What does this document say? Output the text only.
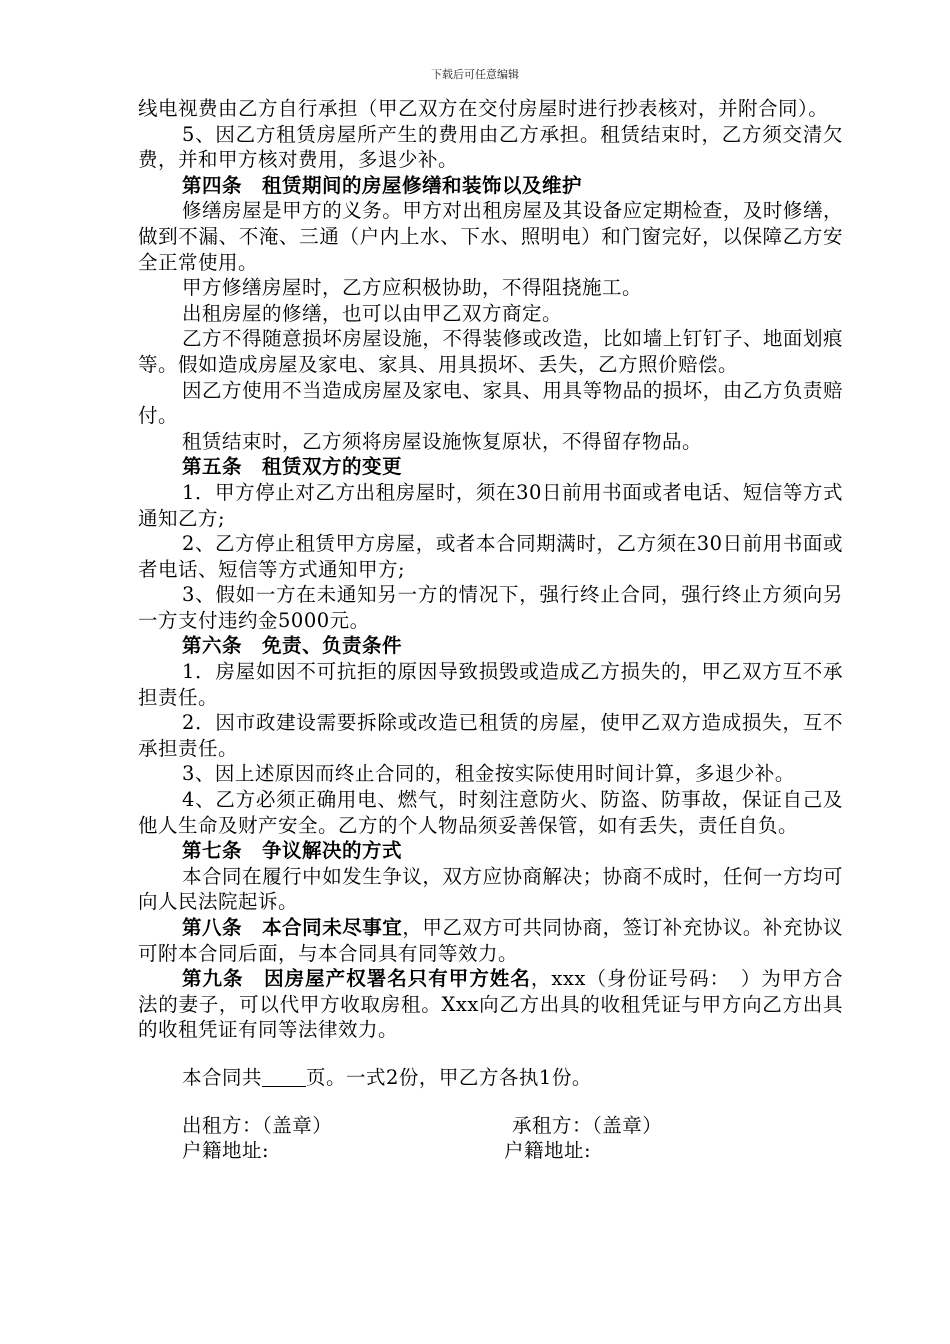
下载后可任意编辑

线电视费由乙方自行承担（甲乙双方在交付房屋时进行抄表核对，并附合同）。

5、因乙方租赁房屋所产生的费用由乙方承担。租赁结束时，乙方须交清欠费，并和甲方核对费用，多退少补。

第四条　租赁期间的房屋修缮和装饰以及维护

修缮房屋是甲方的义务。甲方对出租房屋及其设备应定期检查，及时修缮，做到不漏、不淹、三通（户内上水、下水、照明电）和门窗完好，以保障乙方安全正常使用。

甲方修缮房屋时，乙方应积极协助，不得阻挠施工。

出租房屋的修缮，也可以由甲乙双方商定。

乙方不得随意损坏房屋设施，不得装修或改造，比如墙上钉钉子、地面划痕等。假如造成房屋及家电、家具、用具损坏、丢失，乙方照价赔偿。

因乙方使用不当造成房屋及家电、家具、用具等物品的损坏，由乙方负责赔付。

租赁结束时，乙方须将房屋设施恢复原状，不得留存物品。

第五条　租赁双方的变更

1．甲方停止对乙方出租房屋时，须在30日前用书面或者电话、短信等方式通知乙方;

2、乙方停止租赁甲方房屋，或者本合同期满时，乙方须在30日前用书面或者电话、短信等方式通知甲方;

3、假如一方在未通知另一方的情况下，强行终止合同，强行终止方须向另一方支付违约金5000元。

第六条　免责、负责条件

1．房屋如因不可抗拒的原因导致损毁或造成乙方损失的，甲乙双方互不承担责任。

2．因市政建设需要拆除或改造已租赁的房屋，使甲乙双方造成损失，互不承担责任。

3、因上述原因而终止合同的，租金按实际使用时间计算，多退少补。

4、乙方必须正确用电、燃气，时刻注意防火、防盗、防事故，保证自己及他人生命及财产安全。乙方的个人物品须妥善保管，如有丢失，责任自负。

第七条　争议解决的方式

本合同在履行中如发生争议，双方应协商解决；协商不成时，任何一方均可向人民法院起诉。

第八条　本合同未尽事宜，甲乙双方可共同协商，签订补充协议。补充协议可附本合同后面，与本合同具有同等效力。

第九条　因房屋产权署名只有甲方姓名，xxx（身份证号码：　）为甲方合法的妻子，可以代甲方收取房租。Xxx向乙方出具的收租凭证与甲方向乙方出具的收租凭证有同等法律效力。

本合同共 页。一式2份，甲乙方各执1份。

出租方：（盖章）	承租方：（盖章）
户籍地址:	户籍地址:
